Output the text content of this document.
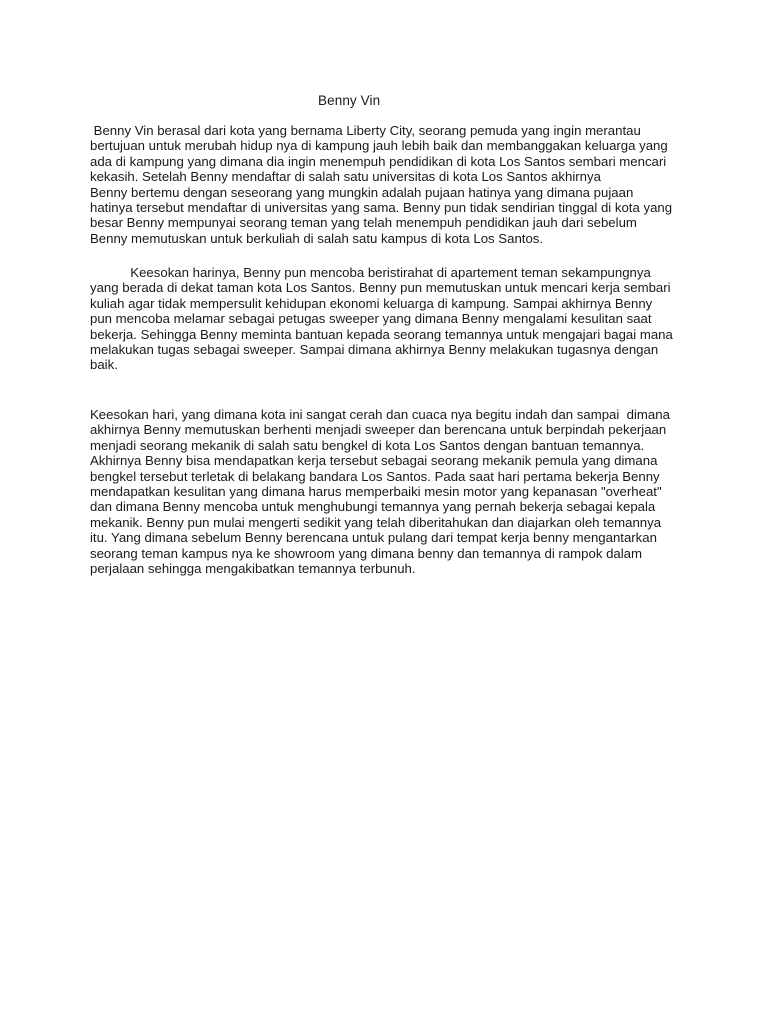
Benny Vin

Benny Vin berasal dari kota yang bernama Liberty City, seorang pemuda yang ingin merantau
bertujuan untuk merubah hidup nya di kampung jauh lebih baik dan membanggakan keluarga yang
ada di kampung yang dimana dia ingin menempuh pendidikan di kota Los Santos sembari mencari
kekasih. Setelah Benny mendaftar di salah satu universitas di kota Los Santos akhirnya
Benny bertemu dengan seseorang yang mungkin adalah pujaan hatinya yang dimana pujaan
hatinya tersebut mendaftar di universitas yang sama. Benny pun tidak sendirian tinggal di kota yang
besar Benny mempunyai seorang teman yang telah menempuh pendidikan jauh dari sebelum
Benny memutuskan untuk berkuliah di salah satu kampus di kota Los Santos.

Keesokan harinya, Benny pun mencoba beristirahat di apartement teman sekampungnya
yang berada di dekat taman kota Los Santos. Benny pun memutuskan untuk mencari kerja sembari
kuliah agar tidak mempersulit kehidupan ekonomi keluarga di kampung. Sampai akhirnya Benny
pun mencoba melamar sebagai petugas sweeper yang dimana Benny mengalami kesulitan saat
bekerja. Sehingga Benny meminta bantuan kepada seorang temannya untuk mengajari bagai mana
melakukan tugas sebagai sweeper. Sampai dimana akhirnya Benny melakukan tugasnya dengan
baik.

Keesokan hari, yang dimana kota ini sangat cerah dan cuaca nya begitu indah dan sampai  dimana
akhirnya Benny memutuskan berhenti menjadi sweeper dan berencana untuk berpindah pekerjaan
menjadi seorang mekanik di salah satu bengkel di kota Los Santos dengan bantuan temannya.
Akhirnya Benny bisa mendapatkan kerja tersebut sebagai seorang mekanik pemula yang dimana
bengkel tersebut terletak di belakang bandara Los Santos. Pada saat hari pertama bekerja Benny
mendapatkan kesulitan yang dimana harus memperbaiki mesin motor yang kepanasan "overheat"
dan dimana Benny mencoba untuk menghubungi temannya yang pernah bekerja sebagai kepala
mekanik. Benny pun mulai mengerti sedikit yang telah diberitahukan dan diajarkan oleh temannya
itu. Yang dimana sebelum Benny berencana untuk pulang dari tempat kerja benny mengantarkan
seorang teman kampus nya ke showroom yang dimana benny dan temannya di rampok dalam
perjalaan sehingga mengakibatkan temannya terbunuh.
